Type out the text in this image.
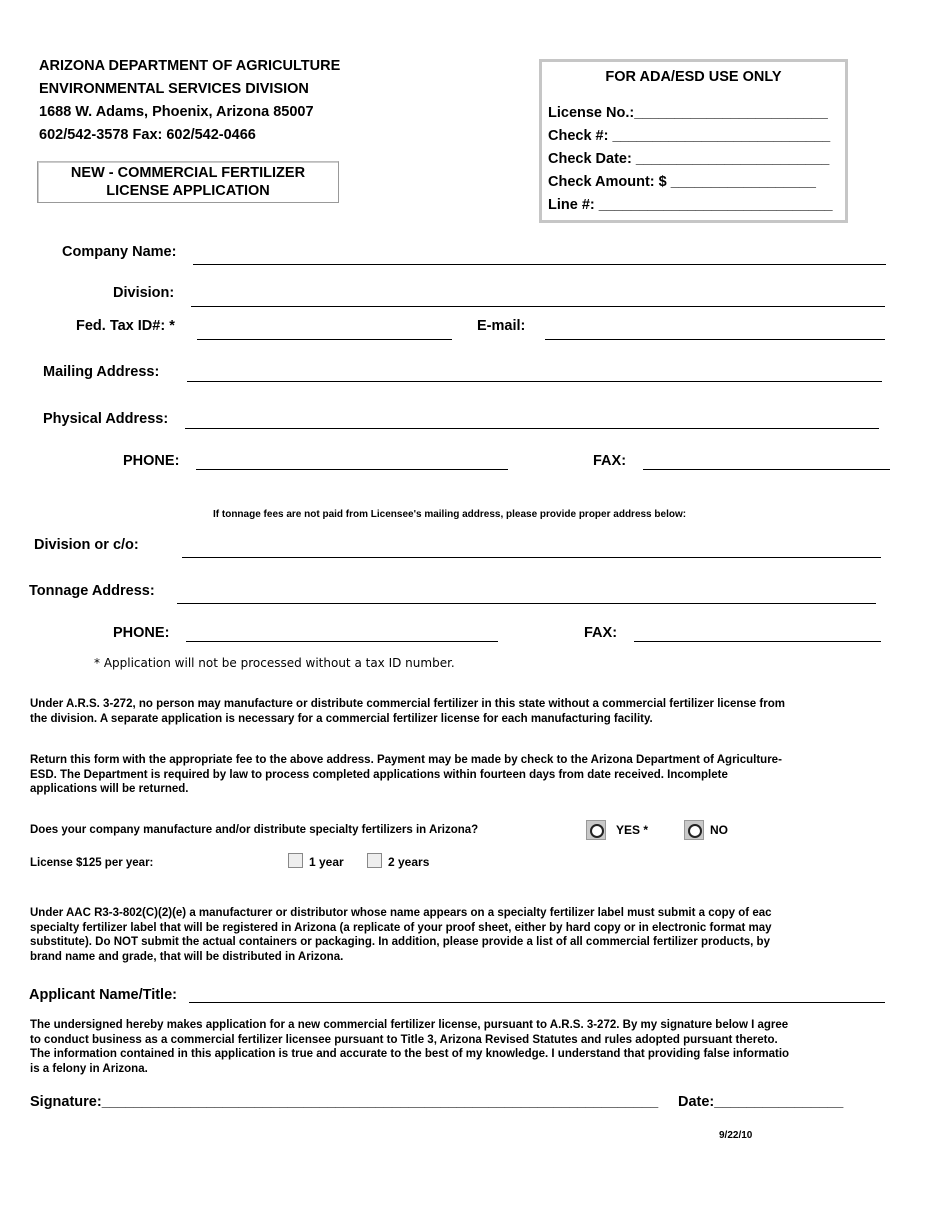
ARIZONA DEPARTMENT OF AGRICULTURE
ENVIRONMENTAL SERVICES DIVISION
1688 W. Adams, Phoenix, Arizona 85007
602/542-3578 Fax: 602/542-0466
NEW - COMMERCIAL FERTILIZER
LICENSE APPLICATION
FOR ADA/ESD USE ONLY
License No.:________________________
Check #: ___________________________
Check Date: ________________________
Check Amount: $ __________________
Line #: _____________________________
Company Name:
Division:
Fed. Tax ID#: *	E-mail:
Mailing Address:
Physical Address:
PHONE:	FAX:
If tonnage fees are not paid from Licensee's mailing address, please provide proper address below:
Division or c/o:
Tonnage Address:
PHONE:	FAX:
* Application will not be processed without a tax ID number.
Under A.R.S. 3-272, no person may manufacture or distribute commercial fertilizer in this state without a commercial fertilizer license from
the division. A separate application is necessary for a commercial fertilizer license for each manufacturing facility.
Return this form with the appropriate fee to the above address. Payment may be made by check to the Arizona Department of Agriculture-
ESD. The Department is required by law to process completed applications within fourteen days from date received. Incomplete
applications will be returned.
Does your company manufacture and/or distribute specialty fertilizers in Arizona?	YES *	NO
License $125 per year:	1 year	2 years
Under AAC R3-3-802(C)(2)(e) a manufacturer or distributor whose name appears on a specialty fertilizer label must submit a copy of eac
specialty fertilizer label that will be registered in Arizona (a replicate of your proof sheet, either by hard copy or in electronic format may
substitute). Do NOT submit the actual containers or packaging. In addition, please provide a list of all commercial fertilizer products, by
brand name and grade, that will be distributed in Arizona.
Applicant Name/Title:
The undersigned hereby makes application for a new commercial fertilizer license, pursuant to A.R.S. 3-272. By my signature below I agree
to conduct business as a commercial fertilizer licensee pursuant to Title 3, Arizona Revised Statutes and rules adopted pursuant thereto.
The information contained in this application is true and accurate to the best of my knowledge. I understand that providing false informatio
is a felony in Arizona.
Signature:_____________________________________________________________________ Date:________________
9/22/10
